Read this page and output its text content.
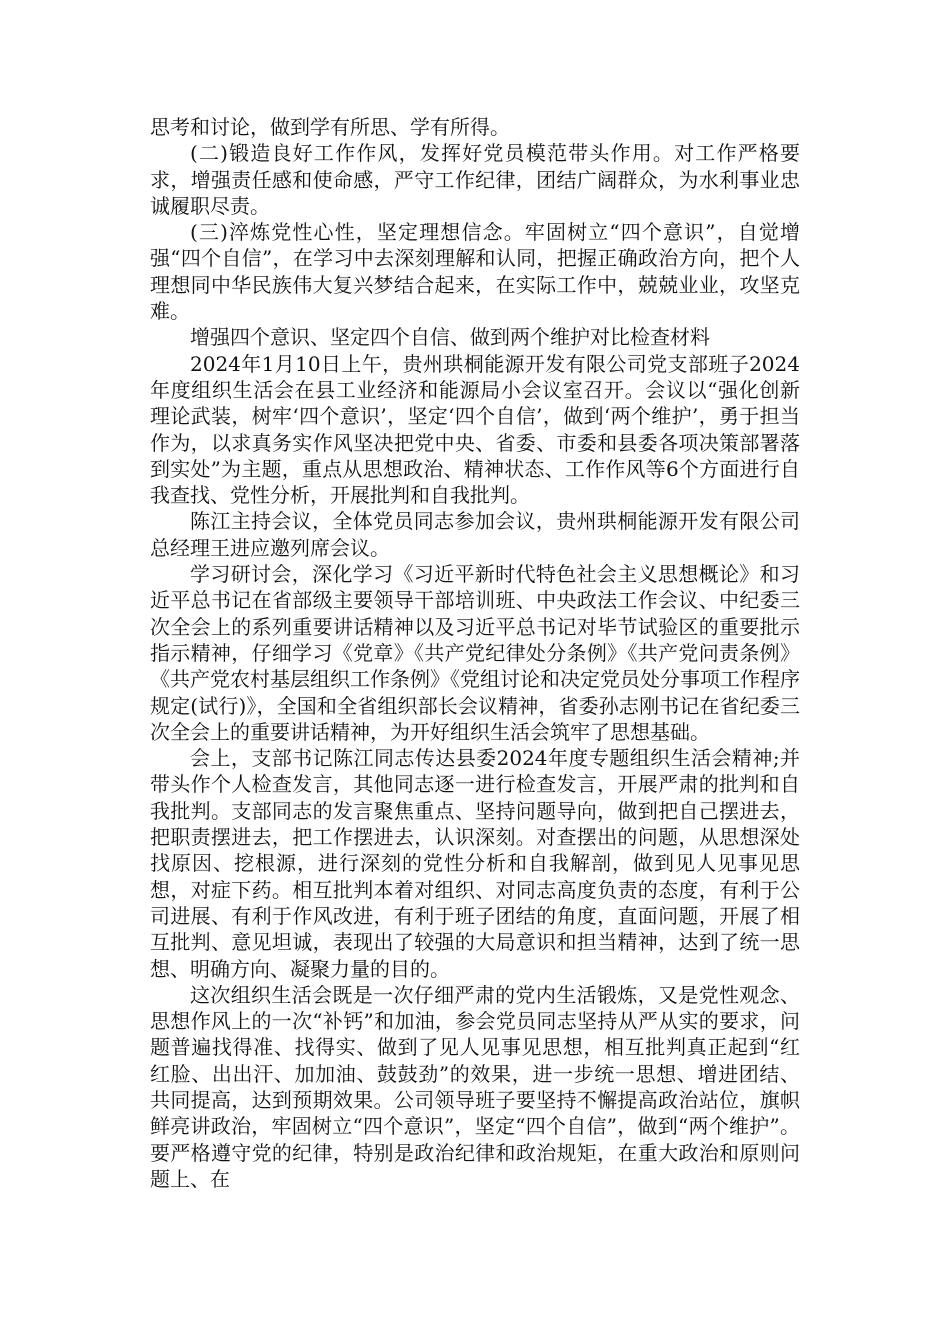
思考和讨论，做到学有所思、学有所得。

(二)锻造良好工作作风，发挥好党员模范带头作用。对工作严格要求，增强责任感和使命感，严守工作纪律，团结广阔群众，为水利事业忠诚履职尽责。

(三)淬炼党性心性，坚定理想信念。牢固树立“四个意识”，自觉增强“四个自信”，在学习中去深刻理解和认同，把握正确政治方向，把个人理想同中华民族伟大复兴梦结合起来，在实际工作中，兢兢业业，攻坚克难。

增强四个意识、坚定四个自信、做到两个维护对比检查材料

2024年1月10日上午，贵州珙桐能源开发有限公司党支部班子2024年度组织生活会在县工业经济和能源局小会议室召开。会议以“强化创新理论武装，树牢‘四个意识’，坚定‘四个自信’，做到‘两个维护’，勇于担当作为，以求真务实作风坚决把党中央、省委、市委和县委各项决策部署落到实处”为主题，重点从思想政治、精神状态、工作作风等6个方面进行自我查找、党性分析，开展批判和自我批判。

陈江主持会议，全体党员同志参加会议，贵州珙桐能源开发有限公司总经理王进应邀列席会议。

学习研讨会，深化学习《习近平新时代特色社会主义思想概论》和习近平总书记在省部级主要领导干部培训班、中央政法工作会议、中纪委三次全会上的系列重要讲话精神以及习近平总书记对毕节试验区的重要批示指示精神，仔细学习《党章》《共产党纪律处分条例》《共产党问责条例》《共产党农村基层组织工作条例》《党组讨论和决定党员处分事项工作程序规定(试行)》，全国和全省组织部长会议精神，省委孙志刚书记在省纪委三次全会上的重要讲话精神，为开好组织生活会筑牢了思想基础。

会上，支部书记陈江同志传达县委2024年度专题组织生活会精神;并带头作个人检查发言，其他同志逐一进行检查发言，开展严肃的批判和自我批判。支部同志的发言聚焦重点、坚持问题导向，做到把自己摆进去，把职责摆进去，把工作摆进去，认识深刻。对查摆出的问题，从思想深处找原因、挖根源，进行深刻的党性分析和自我解剖，做到见人见事见思想，对症下药。相互批判本着对组织、对同志高度负责的态度，有利于公司进展、有利于作风改进，有利于班子团结的角度，直面问题，开展了相互批判、意见坦诚，表现出了较强的大局意识和担当精神，达到了统一思想、明确方向、凝聚力量的目的。

这次组织生活会既是一次仔细严肃的党内生活锻炼，又是党性观念、思想作风上的一次“补钙”和加油，参会党员同志坚持从严从实的要求，问题普遍找得准、找得实、做到了见人见事见思想，相互批判真正起到“红红脸、出出汗、加加油、鼓鼓劲”的效果，进一步统一思想、增进团结、共同提高，达到预期效果。公司领导班子要坚持不懈提高政治站位，旗帜鲜亮讲政治，牢固树立“四个意识”，坚定“四个自信”，做到“两个维护”。要严格遵守党的纪律，特别是政治纪律和政治规矩，在重大政治和原则问题上、在
